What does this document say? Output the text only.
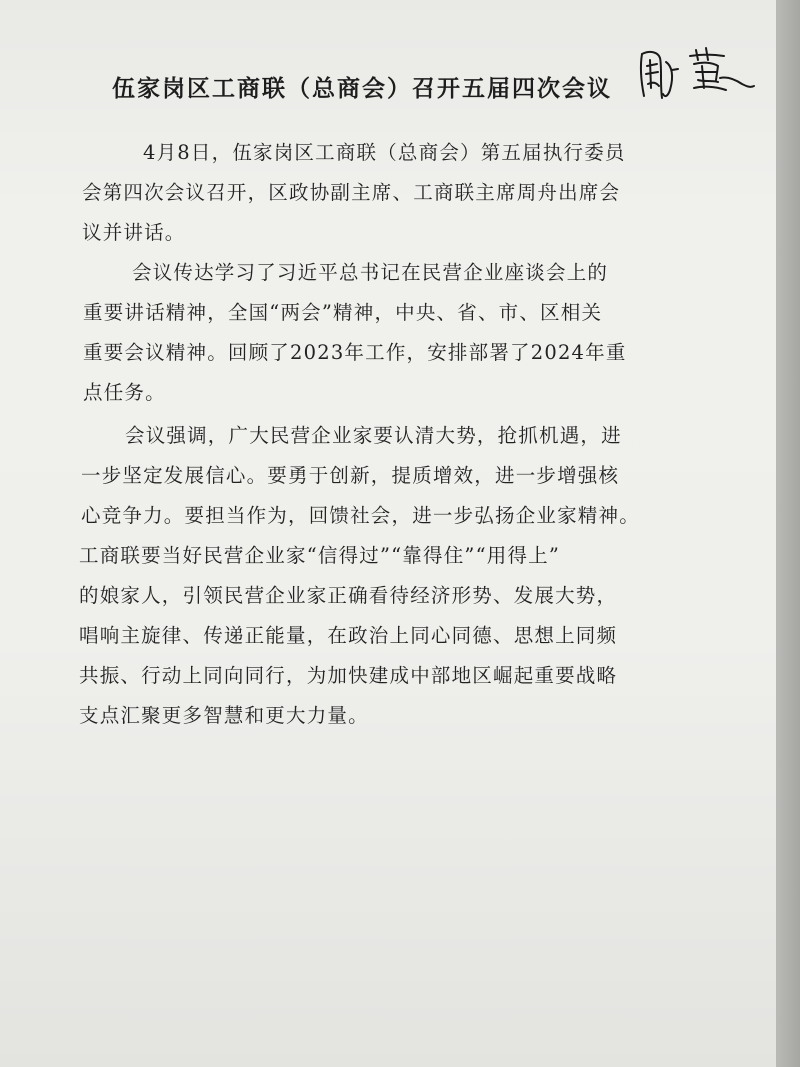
伍家岗区工商联（总商会）召开五届四次会议

4月8日，伍家岗区工商联（总商会）第五届执行委员
会第四次会议召开，区政协副主席、工商联主席周舟出席会
议并讲话。

会议传达学习了习近平总书记在民营企业座谈会上的
重要讲话精神，全国“两会”精神，中央、省、市、区相关
重要会议精神。回顾了2023年工作，安排部署了2024年重
点任务。

会议强调，广大民营企业家要认清大势，抢抓机遇，进
一步坚定发展信心。要勇于创新，提质增效，进一步增强核
心竞争力。要担当作为，回馈社会，进一步弘扬企业家精神。
工商联要当好民营企业家“信得过”“靠得住”“用得上”
的娘家人，引领民营企业家正确看待经济形势、发展大势，
唱响主旋律、传递正能量，在政治上同心同德、思想上同频
共振、行动上同向同行，为加快建成中部地区崛起重要战略
支点汇聚更多智慧和更大力量。
